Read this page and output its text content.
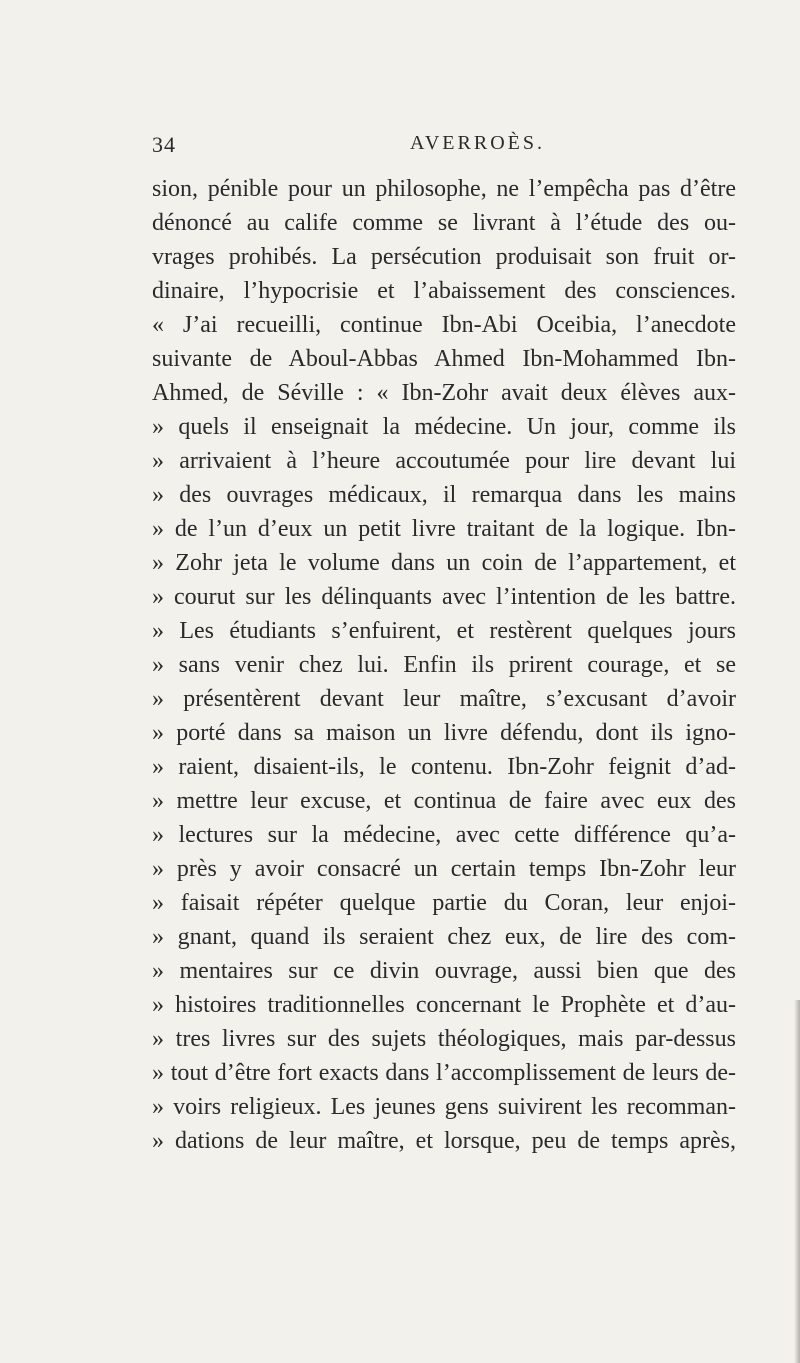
34	AVERROÈS.
sion, pénible pour un philosophe, ne l’empêcha pas d’être
dénoncé au calife comme se livrant à l’étude des ou-
vrages prohibés. La persécution produisait son fruit or-
dinaire, l’hypocrisie et l’abaissement des consciences.
« J’ai recueilli, continue Ibn-Abi Oceibia, l’anecdote
suivante de Aboul-Abbas Ahmed Ibn-Mohammed Ibn-
Ahmed, de Séville : « Ibn-Zohr avait deux élèves aux-
» quels il enseignait la médecine. Un jour, comme ils
» arrivaient à l’heure accoutumée pour lire devant lui
» des ouvrages médicaux, il remarqua dans les mains
» de l’un d’eux un petit livre traitant de la logique. Ibn-
» Zohr jeta le volume dans un coin de l’appartement, et
» courut sur les délinquants avec l’intention de les battre.
» Les étudiants s’enfuirent, et restèrent quelques jours
» sans venir chez lui. Enfin ils prirent courage, et se
» présentèrent devant leur maître, s’excusant d’avoir
» porté dans sa maison un livre défendu, dont ils igno-
» raient, disaient-ils, le contenu. Ibn-Zohr feignit d’ad-
» mettre leur excuse, et continua de faire avec eux des
» lectures sur la médecine, avec cette différence qu’a-
» près y avoir consacré un certain temps Ibn-Zohr leur
» faisait répéter quelque partie du Coran, leur enjoi-
» gnant, quand ils seraient chez eux, de lire des com-
» mentaires sur ce divin ouvrage, aussi bien que des
» histoires traditionnelles concernant le Prophète et d’au-
» tres livres sur des sujets théologiques, mais par-dessus
» tout d’être fort exacts dans l’accomplissement de leurs de-
» voirs religieux. Les jeunes gens suivirent les recomman-
» dations de leur maître, et lorsque, peu de temps après,
